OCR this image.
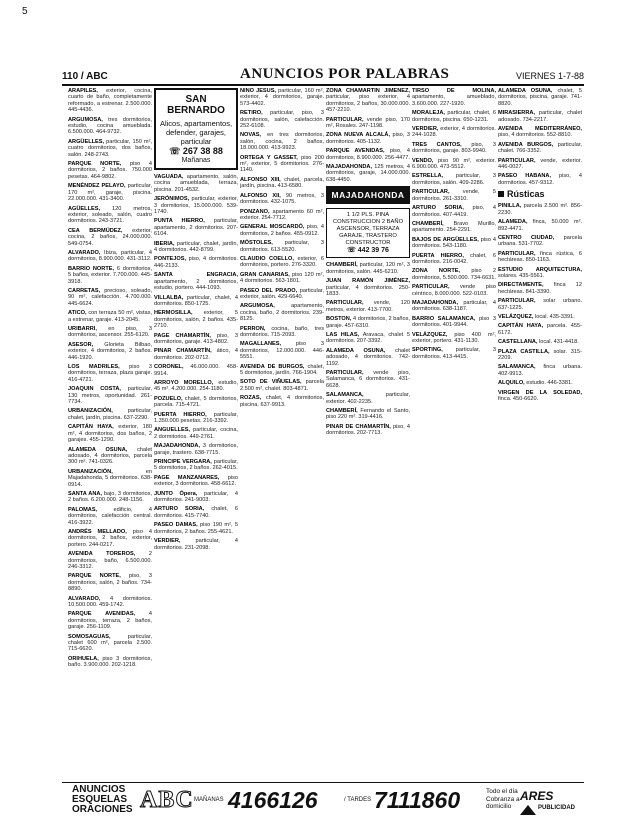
5
110 / ABC	ANUNCIOS POR PALABRAS	VIERNES 1-7-88

ARAPILES, exterior, cocina, cuarto de baño, completamente reformado, a estrenar. 2.500.000. 445-4436.

ARGUMOSA, tres dormitorios, estudio, cocina amueblada. 6.500.000. 464-9732.

ARGÜELLES, particular, 150 m², cuatro dormitorios, dos baños, salón. 248-2743.

PARQUE NORTE, piso 4 dormitorios, 2 baños. 750.000 pesetas. 464-9802.

MENÉNDEZ PELAYO, particular, 170 m², garaje, piscina. 22.000.000. 431-3400.

AGÜELLES, 120 metros, exterior, soleado, salón, cuatro dormitorios. 243-3721.

CEA BERMÚDEZ, exterior, cocina, 2 baños, 24.000.000. 549-0754.

ALVARADO, Ibiza, particular, 4 dormitorios, 8.900.000. 431-3112.

BARRIO NORTE, 6 dormitorios, 5 baños, exterior. 7.700.000. 445-3918.

CARRETAS, precioso, soleado, 90 m², calefacción. 4.700.000. 445-6624.

ATICO, con terraza 50 m², vistas, a estrenar, garaje. 413-2045.

URIBARRI, en piso, 3 dormitorios, ascensor. 255-6120.

ASESOR, Glorieta Bilbao, exterior, 4 dormitorios, 2 baños. 446-1920.

LOS MADRILES, piso 3 dormitorios, terraza, plaza garaje. 416-4721.

JOAQUIN COSTA, particular, 130 metros, oportunidad. 261-7734.

URBANIZACIÓN, particular, chalet, jardín, piscina. 637-2290.

CAPITÁN HAYA, exterior, 180 m², 4 dormitorios, dos baños, 2 garajes. 455-1290.

ALAMEDA OSUNA, chalet adosado, 4 dormitorios, parcela 300 m². 741-0326.

URBANIZACIÓN, en Majadahonda, 5 dormitorios. 638-0914.

SANTA ANA, bajo, 3 dormitorios, 2 baños. 6.200.000. 248-1156.

PALOMAS, edificio, 4 dormitorios, calefacción central. 416-3922.

ANDRÉS MELLADO, piso 4 dormitorios, 2 baños, exterior, portero. 244-0217.

AVENIDA TOREROS, 2 dormitorios, baño, 6.500.000. 246-3312.

PARQUE NORTE, piso, 3 dormitorios, salón, 2 baños. 734-8890.

ALVARADO, 4 dormitorios. 10.500.000. 459-1742.

PARQUE AVENIDAS, 4 dormitorios, terraza, 2 baños, garaje. 256-1109.

SOMOSAGUAS, particular, chalet 600 m², parcela 2.500. 715-6620.

ORIHUELA, piso 3 dormitorios, baño. 3.900.000. 202-1218.

SAN BERNARDO
Alicos, apartamentos, defender, garajes, particular
☏ 267 38 88
Mañanas

VAGUADA, apartamento, salón, cocina amueblada, terraza, piscina. 201-4532.

JERÓNIMOS, particular, exterior, 3 dormitorios, 15.000.000. 539-1740.

PUNTA HIERRO, particular, apartamento, 2 dormitorios. 207-6104.

IBERIA, particular, chalet, jardín, 4 dormitorios. 442-8799.

PONTEJOS, piso, 4 dormitorios. 446-2133.

SANTA ENGRACIA, apartamento, 2 dormitorios, estudio, portero. 444-1093.

VILLALBA, particular, chalet, 4 dormitorios. 850-1725.

HERMOSILLA, exterior, 5 dormitorios, salón, 2 baños. 435-2710.

PAGE CHAMARTÍN, piso, 3 dormitorios, garaje. 413-4802.

PINAR CHAMARTÍN, ático, 4 dormitorios. 202-0712.

CORONEL, 46.000.000. 458-9914.

ARROYO MORELLO, estudio, 45 m². 4.200.000. 254-1180.

POZUELO, chalet, 5 dormitorios, parcela. 715-4721.

PUERTA HIERRO, particular, 1.350.000 pesetas. 216-3392.

ANGUELLES, particular, cocina, 2 dormitorios. 449-2761.

MAJADAHONDA, 3 dormitorios, garaje, trastero. 638-7715.

PRINCIPE VERGARA, particular, 5 dormitorios, 2 baños. 262-4015.

PAGE MANZANARES, piso exterior, 3 dormitorios. 458-6612.

JUNTO Ópera, particular, 4 dormitorios. 241-9003.

ARTURO SORIA, chalet, 6 dormitorios. 415-7740.

PASEO DAMAS, piso 190 m², 5 dormitorios, 2 baños. 255-4621.

VERDIER, particular, 4 dormitorios. 231-2098.

NIÑO JESÚS, particular, 160 m², exterior, 4 dormitorios, garaje. 573-4402.

RETIRO, particular, piso, 3 dormitorios, salón, calefacción. 252-6108.

NOVAS, en tres dormitorios, salón, cocina, 2 baños, 18.000.000. 413-9923.

ORTEGA Y GASSET, piso 200 m², exterior, 5 dormitorios. 276-1140.

ALFONSO XIII, chalet, parcela, jardín, piscina. 413-6580.

ALFONSO XII, 90 metros, 3 dormitorios. 432-1075.

PONZANO, apartamento 60 m², exterior. 254-7712.

GENERAL MOSCARDÓ, piso, 4 dormitorios, 2 baños. 455-0912.

MÓSTOLES, particular, 3 dormitorios. 613-5520.

CLAUDIO COELLO, exterior, 6 dormitorios, portero. 276-3320.

GRAN CANARIAS, piso 120 m², 4 dormitorios. 563-1801.

PASEO DEL PRADO, particular, exterior, salón. 429-6640.

ARGUMOSA, apartamento, cocina, baño, 2 dormitorios. 239-8125.

PERRON, cocina, baño, tres dormitorios. 715-2093.

MAGALLANES, piso 3 dormitorios, 12.000.000. 446-5551.

AVENIDA DE BURGOS, chalet, 5 dormitorios, jardín. 766-1904.

SOTO DE VIÑUELAS, parcela 2.500 m², chalet. 803-4871.

ROZAS, chalet, 4 dormitorios, piscina. 637-9913.

ZONA CHAMARTÍN JIMÉNEZ, particular, piso exterior, 4 dormitorios, 2 baños, 30.000.000. 457-2210.

PARTICULAR, vende piso, 170 m², Rosales. 247-1198.

ZONA NUEVA ALCALÁ, piso, 3 dormitorios. 405-1132.

PARQUE AVENIDAS, piso, 4 dormitorios, 8.900.000. 256-4477.

MAJADAHONDA, 125 metros, 4 dormitorios, garaje, 14.000.000. 638-4450.

MAJADAHONDA
1 1/2 PLS. PINA
CONSTRUCCION 2 BAÑO
ASCENSOR, TERRAZA
GARAJE, TRASTERO
CONSTRUCTOR
☏ 442 39 76

CHAMBERÍ, particular, 120 m², 3 dormitorios, salón. 445-6210.

JUAN RAMÓN JIMÉNEZ, particular, 4 dormitorios. 250-1833.

PARTICULAR, vende, 120 metros, exterior. 413-7700.

BOSTON, 4 dormitorios, 2 baños, garaje. 457-6310.

LAS HILAS, Aravaca, chalet 5 dormitorios. 207-3392.

ALAMEDA OSUNA, chalet adosado, 4 dormitorios. 742-1192.

PARTICULAR, vende piso, Salamanca, 6 dormitorios. 431-6628.

SALAMANCA, particular, exterior. 402-2235.

CHAMBERÍ, Fernando el Santo, piso 220 m². 319-4416.

PINAR DE CHAMARTÍN, piso, 4 dormitorios. 202-7713.

TIRSO DE MOLINA, apartamento, amueblado, 3.600.000. 227-1920.

MORALEJA, particular, chalet, 6 dormitorios, piscina. 650-1231.

VERDIER, exterior, 4 dormitorios. 244-1028.

TRES CANTOS, piso, 3 dormitorios, garaje. 803-9940.

VENDO, piso 90 m², exterior. 6.900.000. 473-5512.

ESTRELLA, particular, 3 dormitorios, salón. 409-2286.

PARTICULAR, vende, 5 dormitorios. 261-3310.

ARTURO SORIA, piso, 4 dormitorios. 407-4419.

CHAMBERÍ, Bravo Murillo, apartamento. 254-2291.

BAJOS DE ARGÜELLES, piso 4 dormitorios. 543-1180.

PUERTA HIERRO, chalet, 6 dormitorios. 216-0042.

ZONA NORTE, piso 2 dormitorios, 5.500.000. 734-6631.

PARTICULAR, vende piso céntrico, 8.000.000. 522-0103.

MAJADAHONDA, particular, 4 dormitorios. 638-1187.

BARRIO SALAMANCA, piso 3 dormitorios. 401-9944.

VELÁZQUEZ, piso 400 m², exterior, portero. 431-1130.

SPORTING, particular, 3 dormitorios. 413-4415.

ALAMEDA OSUNA, chalet, 5 dormitorios, piscina, garaje. 741-8820.

MIRASIERRA, particular, chalet adosado. 734-2217.

AVENIDA MEDITERRÁNEO, piso, 4 dormitorios. 552-8810.

AVENIDA BURGOS, particular, chalet. 766-3352.

PARTICULAR, vende, exterior. 446-0027.

PASEO HABANA, piso, 4 dormitorios. 457-9312.

Rústicas

PINILLA, parcela 2.500 m². 856-2230.

ALAMEDA, finca, 50.000 m². 892-4471.

CENTRO CIUDAD, parcela urbana. 531-7702.

PARTICULAR, finca rústica, 6 hectáreas. 850-1163.

ESTUDIO ARQUITECTURA, solares. 435-5561.

DIRECTAMENTE, finca 12 hectáreas. 841-3390.

PARTICULAR, solar urbano. 637-1225.

VELÁZQUEZ, local. 435-3391.

CAPITÁN HAYA, parcela. 455-6172.

CASTELLANA, local. 431-4418.

PLAZA CASTILLA, solar. 315-2209.

SALAMANCA, finca urbana. 402-9913.

ALQUILO, estudio. 446-3381.

VIRGEN DE LA SOLEDAD, finca. 450-6620.

ANUNCIOS
ESQUELAS
ORACIONES ABC MAÑANAS 4166126	/ TARDES 7111860	Todo el día
Cobranza a
domicilio
ARES
PUBLICIDAD
